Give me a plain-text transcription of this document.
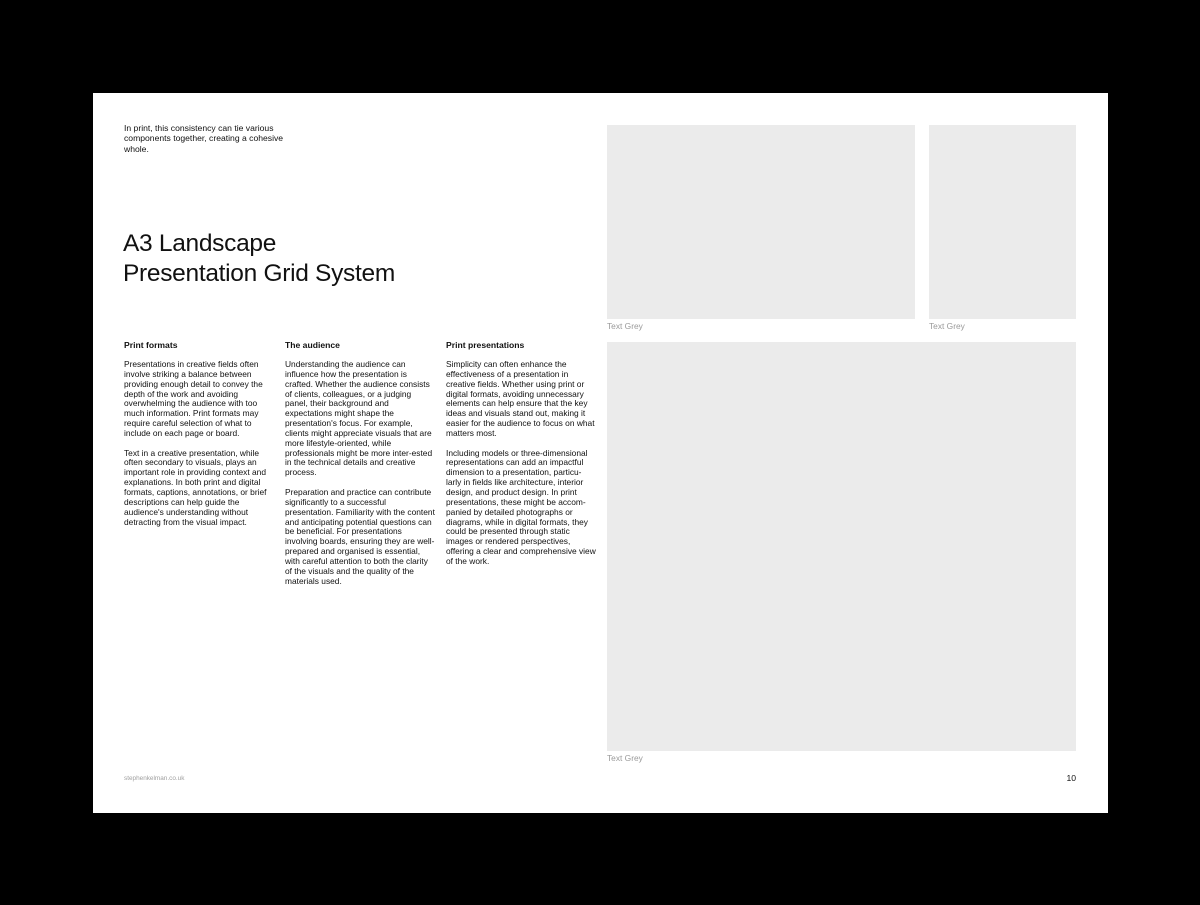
In print, this consistency can tie various components together, creating a cohesive whole.
A3 Landscape
Presentation Grid System
Print formats

Presentations in creative fields often involve striking a balance between providing enough detail to convey the depth of the work and avoiding overwhelming the audience with too much information. Print formats may require careful selection of what to include on each page or board.

Text in a creative presentation, while often secondary to visuals, plays an important role in providing context and explanations. In both print and digital formats, captions, annotations, or brief descriptions can help guide the audience's understanding without detracting from the visual impact.

The audience

Understanding the audience can influence how the presentation is crafted. Whether the audience consists of clients, colleagues, or a judging panel, their background and expectations might shape the presentation's focus. For example, clients might appreciate visuals that are more lifestyle-oriented, while professionals might be more inter-ested in the technical details and creative process.

Preparation and practice can contribute significantly to a successful presentation. Familiarity with the content and anticipating potential questions can be beneficial. For presentations involving boards, ensuring they are well-prepared and organised is essential, with careful attention to both the clarity of the visuals and the quality of the materials used.

Print presentations

Simplicity can often enhance the effectiveness of a presentation in creative fields. Whether using print or digital formats, avoiding unnecessary elements can help ensure that the key ideas and visuals stand out, making it easier for the audience to focus on what matters most.

Including models or three-dimensional representations can add an impactful dimension to a presentation, particu-larly in fields like architecture, interior design, and product design. In print presentations, these might be accom-panied by detailed photographs or diagrams, while in digital formats, they could be presented through static images or rendered perspectives, offering a clear and comprehensive view of the work.

Text Grey	Text Grey
Text Grey
stephenkelman.co.uk	10
